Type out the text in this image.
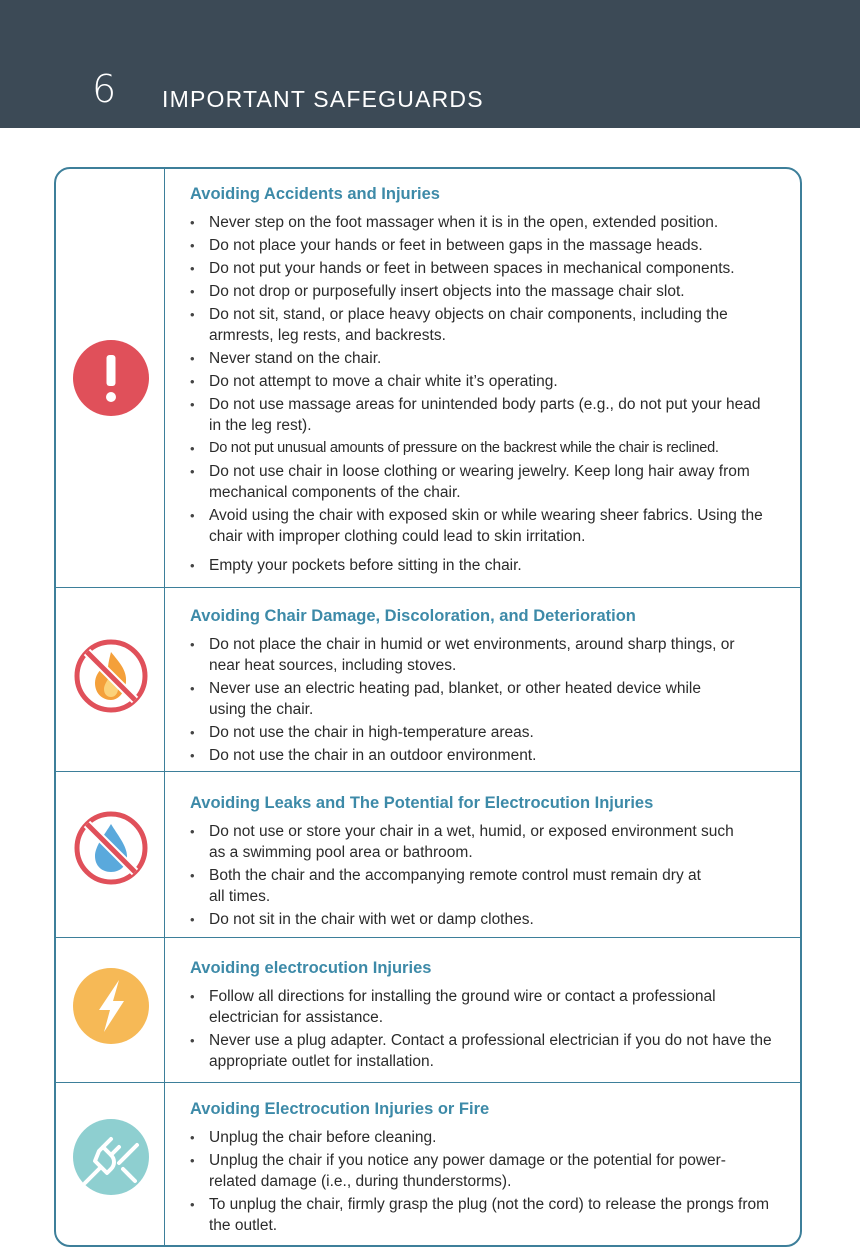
6 IMPORTANT SAFEGUARDS
Avoiding Accidents and Injuries
• Never step on the foot massager when it is in the open, extended position.
• Do not place your hands or feet in between gaps in the massage heads.
• Do not put your hands or feet in between spaces in mechanical components.
• Do not drop or purposefully insert objects into the massage chair slot.
• Do not sit, stand, or place heavy objects on chair components, including the armrests, leg rests, and backrests.
• Never stand on the chair.
• Do not attempt to move a chair white it’s operating.
• Do not use massage areas for unintended body parts (e.g., do not put your head in the leg rest).
• Do not put unusual amounts of pressure on the backrest while the chair is reclined.
• Do not use chair in loose clothing or wearing jewelry. Keep long hair away from mechanical components of the chair.
• Avoid using the chair with exposed skin or while wearing sheer fabrics. Using the chair with improper clothing could lead to skin irritation.
• Empty your pockets before sitting in the chair.
Avoiding Chair Damage, Discoloration, and Deterioration
• Do not place the chair in humid or wet environments, around sharp things, or near heat sources, including stoves.
• Never use an electric heating pad, blanket, or other heated device while using the chair.
• Do not use the chair in high-temperature areas.
• Do not use the chair in an outdoor environment.
Avoiding Leaks and The Potential for Electrocution Injuries
• Do not use or store your chair in a wet, humid, or exposed environment such as a swimming pool area or bathroom.
• Both the chair and the accompanying remote control must remain dry at all times.
• Do not sit in the chair with wet or damp clothes.
Avoiding electrocution Injuries
• Follow all directions for installing the ground wire or contact a professional electrician for assistance.
• Never use a plug adapter. Contact a professional electrician if you do not have the appropriate outlet for installation.
Avoiding Electrocution Injuries or Fire
• Unplug the chair before cleaning.
• Unplug the chair if you notice any power damage or the potential for power-related damage (i.e., during thunderstorms).
• To unplug the chair, firmly grasp the plug (not the cord) to release the prongs from the outlet.
